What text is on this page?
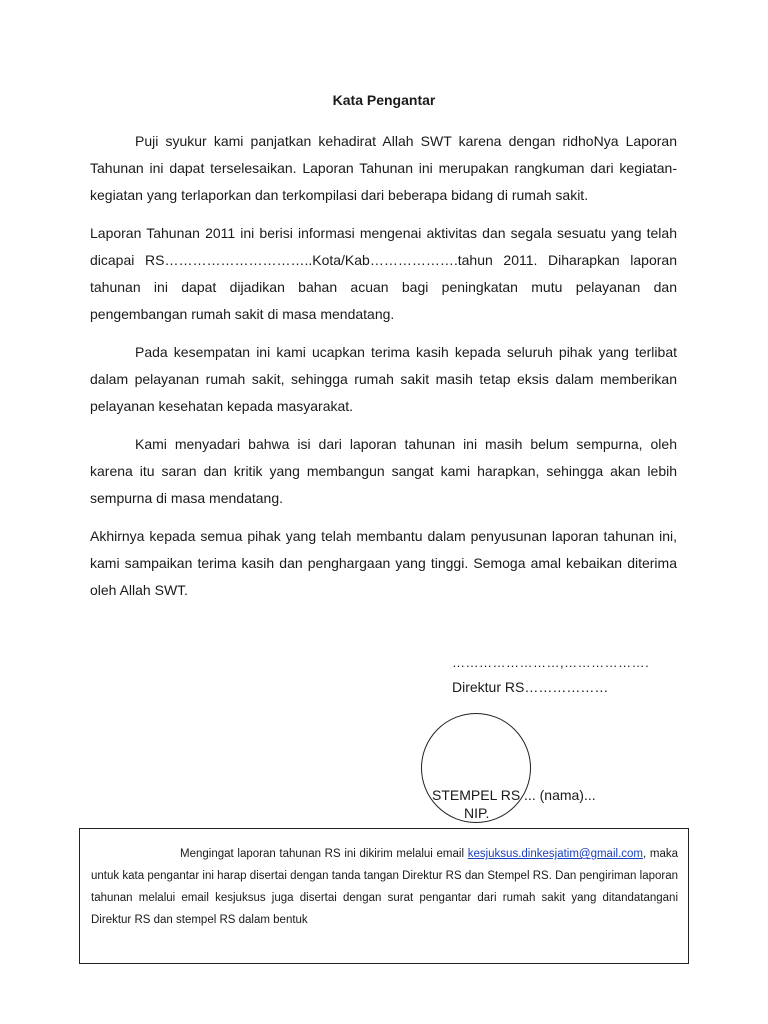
Kata Pengantar

Puji syukur kami panjatkan kehadirat Allah SWT karena dengan ridhoNya Laporan Tahunan ini dapat terselesaikan. Laporan Tahunan ini merupakan rangkuman dari kegiatan-kegiatan yang terlaporkan dan terkompilasi dari beberapa bidang di rumah sakit.

Laporan Tahunan 2011 ini berisi informasi mengenai aktivitas dan segala sesuatu yang telah dicapai RS…………………………..Kota/Kab……………….tahun 2011. Diharapkan laporan tahunan ini dapat dijadikan bahan acuan bagi peningkatan mutu pelayanan dan pengembangan rumah sakit di masa mendatang.

Pada kesempatan ini kami ucapkan terima kasih kepada seluruh pihak yang terlibat dalam pelayanan rumah sakit, sehingga rumah sakit masih tetap eksis dalam memberikan pelayanan kesehatan kepada masyarakat.

Kami menyadari bahwa isi dari laporan tahunan ini masih belum sempurna, oleh karena itu saran dan kritik yang membangun sangat kami harapkan, sehingga akan lebih sempurna di masa mendatang.

Akhirnya kepada semua pihak yang telah membantu dalam penyusunan laporan tahunan ini, kami sampaikan terima kasih dan penghargaan yang tinggi. Semoga amal kebaikan diterima oleh Allah SWT.

……………………,……………….
Direktur RS………………
STEMPEL RS ... (nama)...
NIP.

Mengingat laporan tahunan RS ini dikirim melalui email kesjuksus.dinkesjatim@gmail.com, maka untuk kata pengantar ini harap disertai dengan tanda tangan Direktur RS dan Stempel RS. Dan pengiriman laporan tahunan melalui email kesjuksus juga disertai dengan surat pengantar dari rumah sakit yang ditandatangani Direktur RS dan stempel RS dalam bentuk
